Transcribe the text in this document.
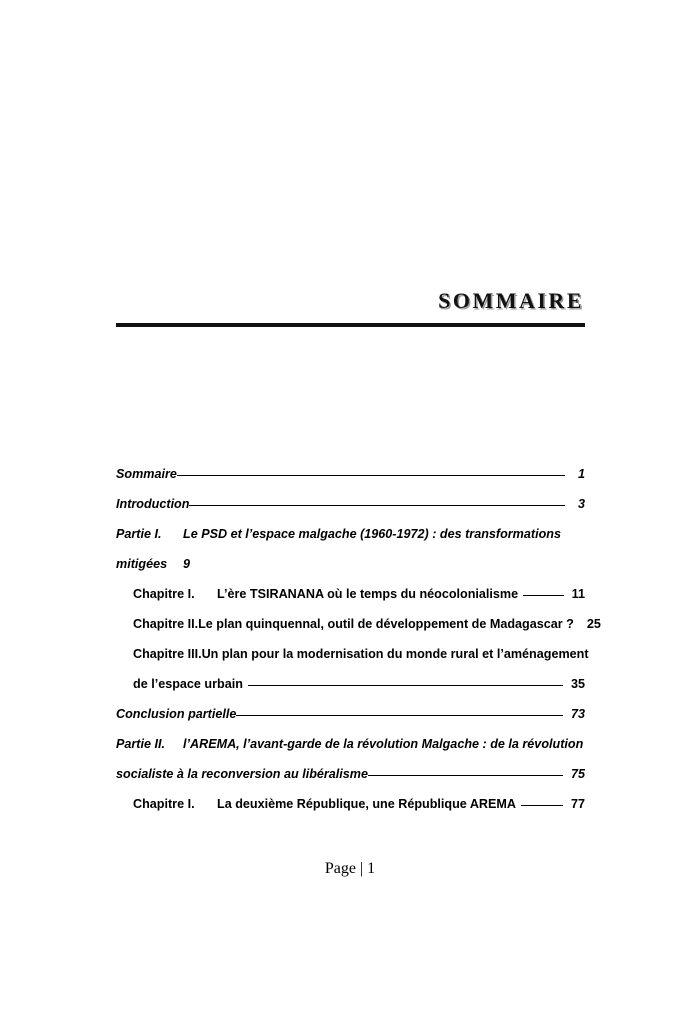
SOMMAIRE
Sommaire	1
Introduction	3
Partie I.	Le PSD et l’espace malgache (1960-1972) : des transformations
mitigées	9
Chapitre I.	L’ère TSIRANANA où le temps du néocolonialisme	11
Chapitre II. Le plan quinquennal, outil de développement de Madagascar ?	25
Chapitre III. Un plan pour la modernisation du monde rural et l’aménagement
de l’espace urbain	35
Conclusion partielle	73
Partie II.	l’AREMA, l’avant-garde de la révolution Malgache : de la révolution
socialiste à la reconversion au libéralisme	75
Chapitre I.	La deuxième République, une République AREMA	77
Page | 1
